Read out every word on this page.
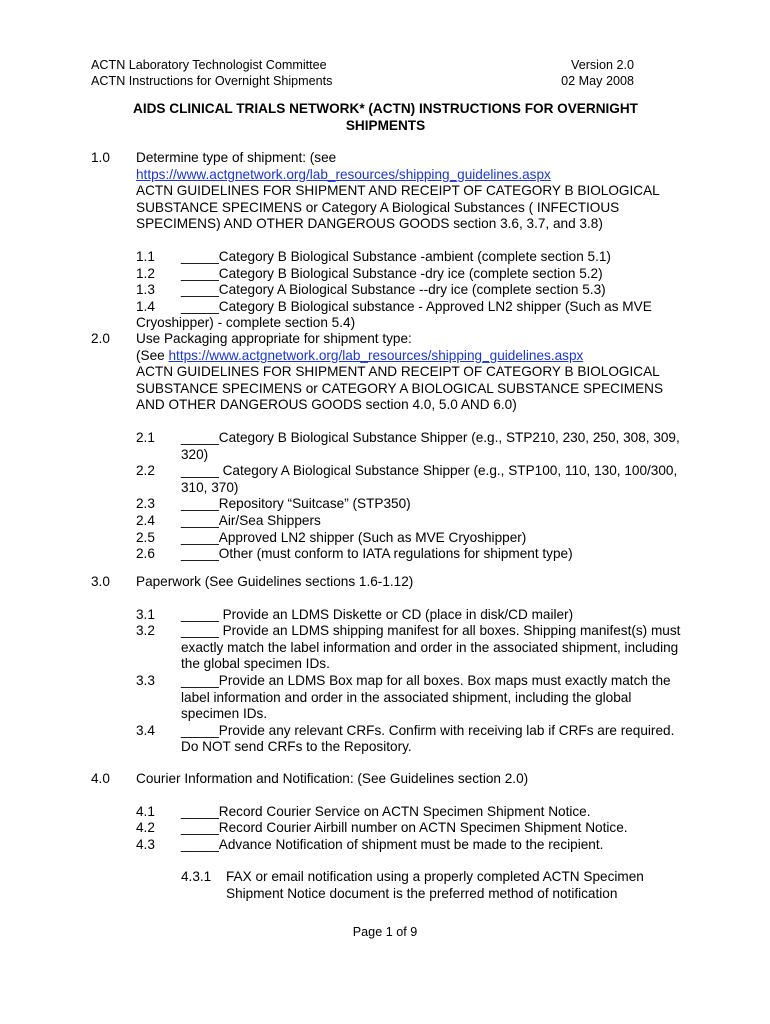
ACTN Laboratory Technologist Committee
ACTN Instructions for Overnight Shipments
Version 2.0
02 May 2008
AIDS CLINICAL TRIALS NETWORK* (ACTN) INSTRUCTIONS FOR OVERNIGHT
SHIPMENTS
1.0 Determine type of shipment: (see
https://www.actgnetwork.org/lab_resources/shipping_guidelines.aspx
ACTN GUIDELINES FOR SHIPMENT AND RECEIPT OF CATEGORY B BIOLOGICAL SUBSTANCE SPECIMENS or Category A Biological Substances ( INFECTIOUS SPECIMENS) AND OTHER DANGEROUS GOODS section 3.6, 3.7, and 3.8)
1.1 _____Category B Biological Substance -ambient (complete section 5.1)
1.2 _____Category B Biological Substance -dry ice (complete section 5.2)
1.3 _____Category A Biological Substance --dry ice (complete section 5.3)
1.4	_____Category B Biological substance - Approved LN2 shipper (Such as MVE Cryoshipper) - complete section 5.4)
2.0 Use Packaging appropriate for shipment type:
(See https://www.actgnetwork.org/lab_resources/shipping_guidelines.aspx
ACTN GUIDELINES FOR SHIPMENT AND RECEIPT OF CATEGORY B BIOLOGICAL SUBSTANCE SPECIMENS or CATEGORY A BIOLOGICAL SUBSTANCE SPECIMENS AND OTHER DANGEROUS GOODS section 4.0, 5.0 AND 6.0)
2.1 _____Category B Biological Substance Shipper (e.g., STP210, 230, 250, 308, 309, 320)
2.2 _____ Category A Biological Substance Shipper (e.g., STP100, 110, 130, 100/300, 310, 370)
2.3 _____Repository “Suitcase” (STP350)
2.4 _____Air/Sea Shippers
2.5 _____Approved LN2 shipper (Such as MVE Cryoshipper)
2.6 _____Other (must conform to IATA regulations for shipment type)
3.0 Paperwork (See Guidelines sections 1.6-1.12)
3.1 _____ Provide an LDMS Diskette or CD (place in disk/CD mailer)
3.2 _____ Provide an LDMS shipping manifest for all boxes. Shipping manifest(s) must exactly match the label information and order in the associated shipment, including the global specimen IDs.
3.3 _____Provide an LDMS Box map for all boxes. Box maps must exactly match the label information and order in the associated shipment, including the global specimen IDs.
3.4 _____Provide any relevant CRFs. Confirm with receiving lab if CRFs are required. Do NOT send CRFs to the Repository.
4.0 Courier Information and Notification: (See Guidelines section 2.0)
4.1 _____Record Courier Service on ACTN Specimen Shipment Notice.
4.2 _____Record Courier Airbill number on ACTN Specimen Shipment Notice.
4.3 _____Advance Notification of shipment must be made to the recipient.
4.3.1 FAX or email notification using a properly completed ACTN Specimen Shipment Notice document is the preferred method of notification
Page 1 of 9
